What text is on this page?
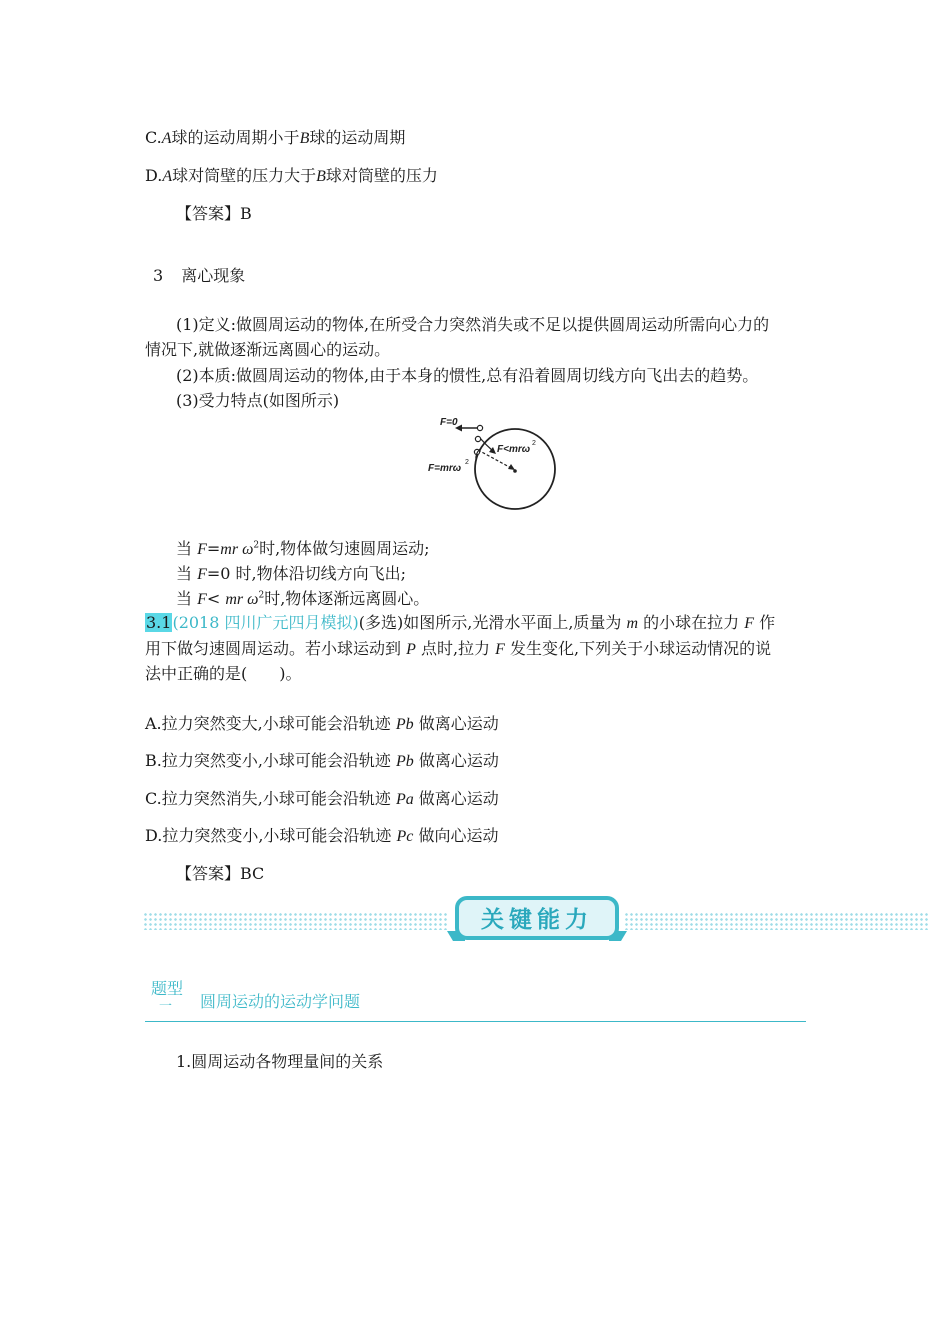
C.A球的运动周期小于B球的运动周期
D.A球对筒壁的压力大于B球对筒壁的压力
【答案】B
3 离心现象
(1)定义:做圆周运动的物体,在所受合力突然消失或不足以提供圆周运动所需向心力的
情况下,就做逐渐远离圆心的运动。
(2)本质:做圆周运动的物体,由于本身的惯性,总有沿着圆周切线方向飞出去的趋势。
(3)受力特点(如图所示)
F=0
F<mrω
2
F=mrω
2
当 F=mr $\omega^2$时,物体做匀速圆周运动;
当 F=0 时,物体沿切线方向飞出;
当 F< mr $\omega^2$时,物体逐渐远离圆心。
3.1(2018 四川广元四月模拟)(多选)如图所示,光滑水平面上,质量为 m 的小球在拉力 F 作
用下做匀速圆周运动。若小球运动到 P 点时,拉力 F 发生变化,下列关于小球运动情况的说
法中正确的是(　　)。
A.拉力突然变大,小球可能会沿轨迹 Pb 做离心运动
B.拉力突然变小,小球可能会沿轨迹 Pb 做离心运动
C.拉力突然消失,小球可能会沿轨迹 Pa 做离心运动
D.拉力突然变小,小球可能会沿轨迹 Pc 做向心运动
【答案】BC
关键能力
题型
一 圆周运动的运动学问题
1.圆周运动各物理量间的关系
